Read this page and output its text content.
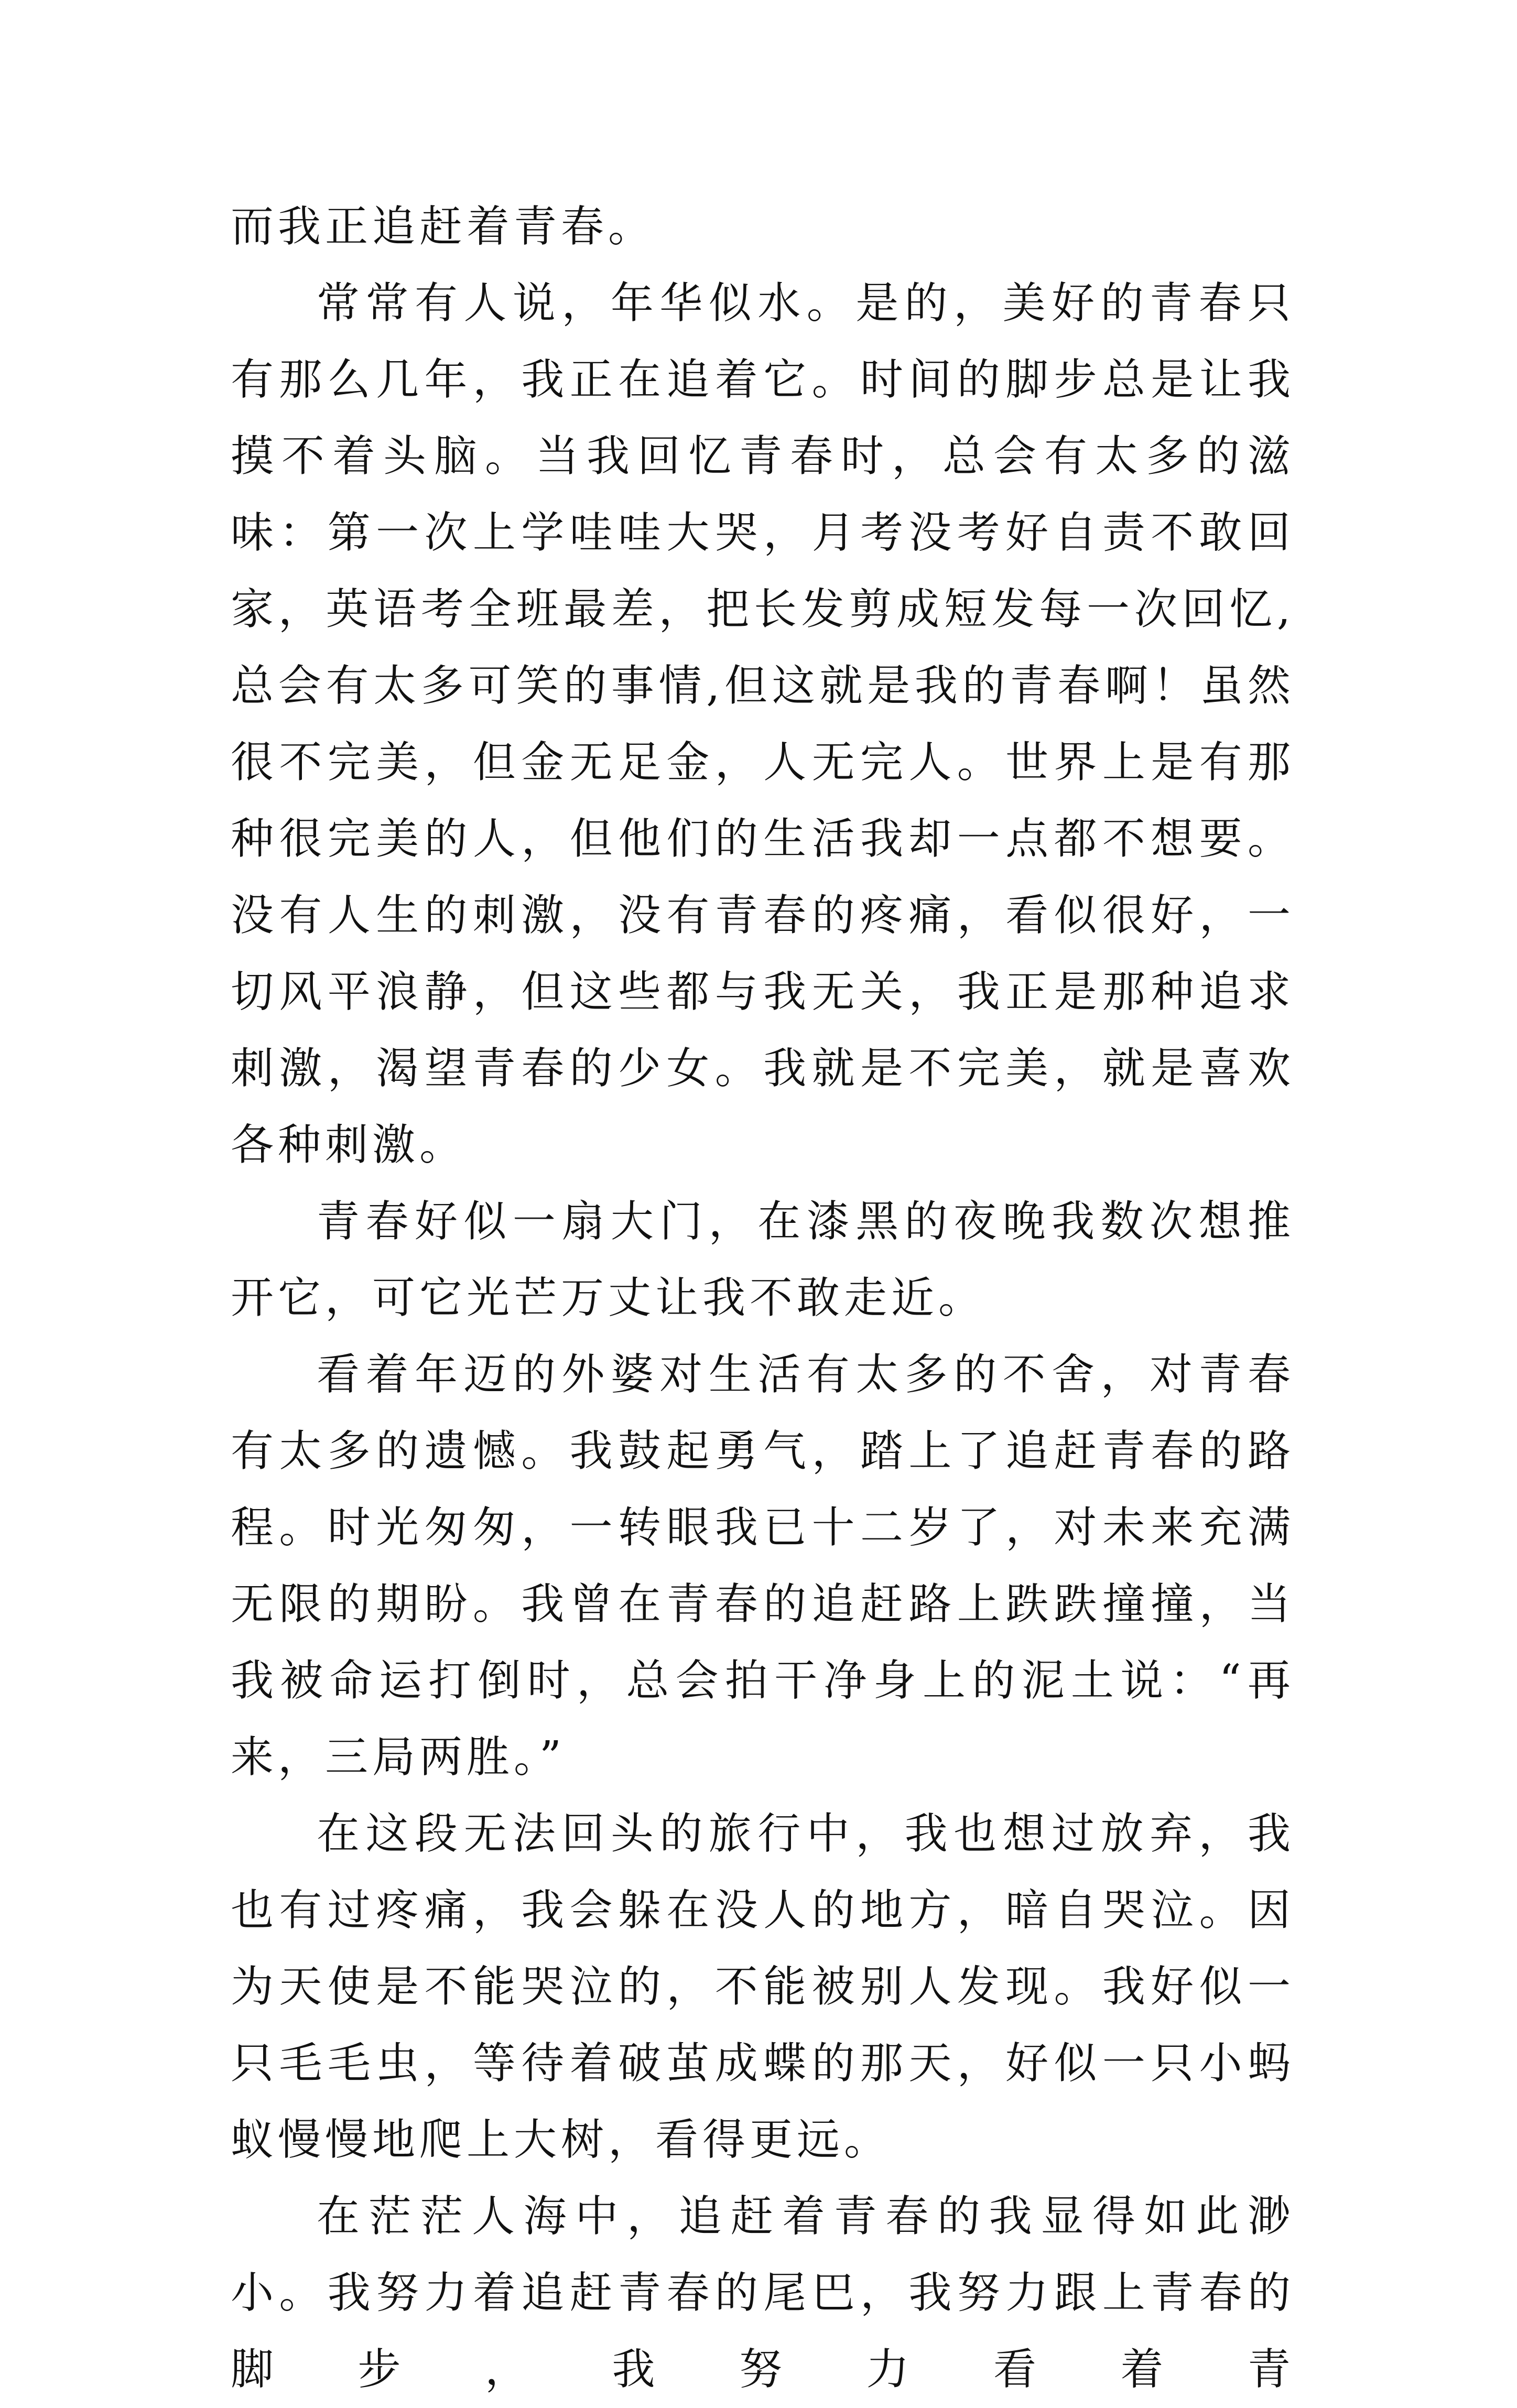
而我正追赶着青春。

常常有人说，年华似水。是的，美好的青春只有那么几年，我正在追着它。时间的脚步总是让我摸不着头脑。当我回忆青春时，总会有太多的滋味：第一次上学哇哇大哭，月考没考好自责不敢回家，英语考全班最差，把长发剪成短发每一次回忆,总会有太多可笑的事情,但这就是我的青春啊！虽然很不完美，但金无足金，人无完人。世界上是有那种很完美的人，但他们的生活我却一点都不想要。没有人生的刺激，没有青春的疼痛，看似很好，一切风平浪静，但这些都与我无关，我正是那种追求刺激，渴望青春的少女。我就是不完美，就是喜欢各种刺激。

青春好似一扇大门，在漆黑的夜晚我数次想推开它，可它光芒万丈让我不敢走近。

看着年迈的外婆对生活有太多的不舍，对青春有太多的遗憾。我鼓起勇气，踏上了追赶青春的路程。时光匆匆，一转眼我已十二岁了，对未来充满无限的期盼。我曾在青春的追赶路上跌跌撞撞，当我被命运打倒时，总会拍干净身上的泥土说：“再来，三局两胜。”

在这段无法回头的旅行中，我也想过放弃，我也有过疼痛，我会躲在没人的地方，暗自哭泣。因为天使是不能哭泣的，不能被别人发现。我好似一只毛毛虫，等待着破茧成蝶的那天，好似一只小蚂蚁慢慢地爬上大树，看得更远。

在茫茫人海中，追赶着青春的我显得如此渺小。我努力着追赶青春的尾巴，我努力跟上青春的脚步，我努力看着青
